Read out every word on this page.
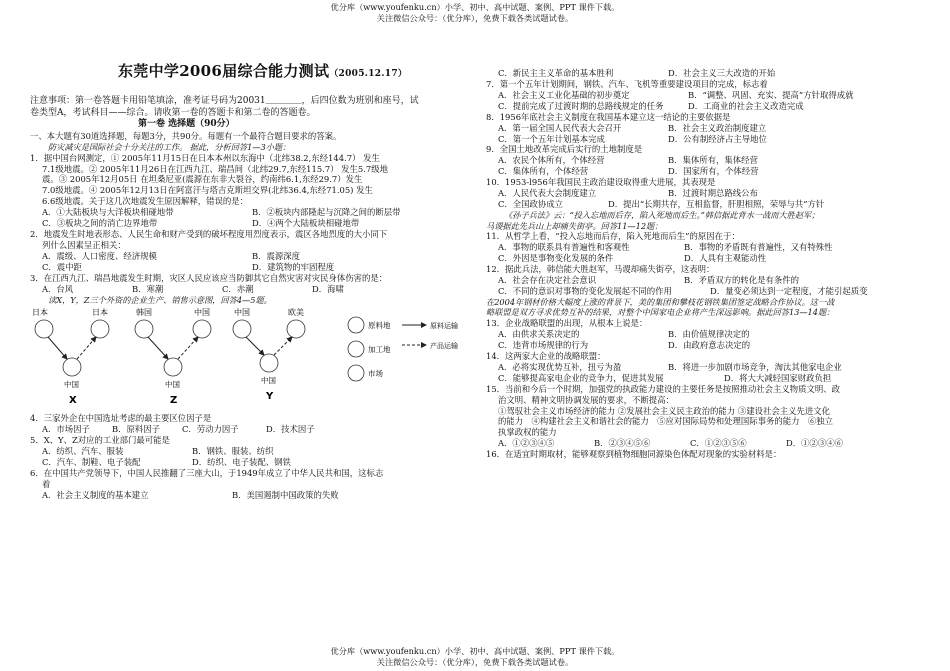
优分库（www.youfenku.cn）小学、初中、高中试题、案例、PPT 课件下载。
关注微信公众号：（优分库），免费下载各类试题试卷。
东莞中学2006届综合能力测试（2005.12.17）

注意事项：第一卷答题卡用铅笔填涂，准考证号码为20031＿＿＿＿，后四位数为班别和座号，试

卷类型A，考试科目——综合。请收第一卷的答题卡和第二卷的答题卷。

第一卷 选择题（90分）

一、本大题有30道选择题，每题3分，共90分。每题有一个最符合题目要求的答案。

防灾减灾是国际社会十分关注的工作。 据此，分析回答1—3小题：

1．据中国台网测定，① 2005年11月15日在日本本州以东海中（北纬38.2,东经144.7） 发生

7.1级地震。② 2005年11月26日在江西九江、瑞昌间（北纬29.7,东经115.7） 发生5.7级地

震。③ 2005年12月05日 在坦桑尼亚(震源在东非大裂谷，约南纬6.1,东经29.7）发生

7.0级地震。④ 2005年12月13日在阿富汗与塔吉克斯坦交界(北纬36.4,东经71.05) 发生

6.6级地震。关于这几次地震发生原因解释，错误的是：

A．①大陆板块与大洋板块相碰地带	B．②板块内部隆起与沉降之间的断层带
C．③板块之间的消亡边界地带	D．④两个大陆板块相碰地带

2．地震发生时地表形态、人民生命和财产受到的破坏程度用烈度表示，震区各地烈度的大小同下

列什么因素呈正相关：

A．震级、人口密度、经济规模	B．震源深度
C．震中距	D．建筑物的牢固程度

3．在江西九江、瑞昌地震发生时期，灾区人民应该应当防御其它自然灾害对灾民身体伤害的是：

A．台风	B．寒潮	C．赤潮	D．海啸

读X，Y，Z三个外资的企业生产、销售示意图，回答4—5题。

日本	日本
中国
X
韩国	中国
中国
Z
中国	欧美
中国
Y
原料地
加工地
市场
原料运输
产品运输

4．三家外企在中国选址考虑的最主要区位因子是

A．市场因子	B．原料因子	C．劳动力因子	D．技术因子

5．X、Y、Z对应的工业部门最可能是

A．纺织、汽车、服装	B．钢铁、服装、纺织
C．汽车、制鞋、电子装配	D．纺织、电子装配、钢铁

6．在中国共产党领导下，中国人民推翻了三座大山，于1949年成立了中华人民共和国，这标志

着

A．社会主义制度的基本建立	B．美国遏制中国政策的失败
C．新民主主义革命的基本胜利	D．社会主义三大改造的开始

7．第一个五年计划期间，钢铁、汽车、飞机等重要建设项目的完成，标志着

A．社会主义工业化基础的初步奠定	B．“调整、巩固、充实、提高”方针取得成就
C．提前完成了过渡时期的总路线规定的任务	D．工商业的社会主义改造完成

8．1956年底社会主义制度在我国基本建立这一结论的主要依据是

A．第一届全国人民代表大会召开	B．社会主义政治制度建立
C．第一个五年计划基本完成	D．公有制经济占主导地位

9．全国土地改革完成后实行的土地制度是

A．农民个体所有，个体经营	B．集体所有，集体经营
C．集体所有，个体经营	D．国家所有，个体经营

10．1953-l956年我国民主政治建设取得重大进展，其表现是

A．人民代表大会制度建立	B．过渡时期总路线公布
C．全国政协成立	D．提出“长期共存，互相监督，肝胆相照，荣辱与共”方针

《孙子兵法》云：“投入忘地而后存，陷入死地而后生。”韩信据此背水一战而大胜赵军；

马谡据此先兵山上却痛失街亭。回答11—12题：

11．从哲学上看，“投入忘地而后存，陷入死地而后生”的原因在于：

A．事物的联系具有普遍性和客观性	B．事物的矛盾既有普遍性，又有特殊性
C．外因是事物变化发展的条件	D．人具有主观能动性

12．据此兵法，韩信能大胜赵军，马谡却痛失街亭，这表明：

A．社会存在决定社会意识	B．矛盾双方的转化是有条件的
C．不同的意识对事物的变化发展起不同的作用	D．量变必须达到一定程度，才能引起质变

在2004年钢材价格大幅度上涨的背景下，美的集团和攀枝花钢铁集团签定战略合作协议。这一战

略联盟是双方寻求优势互补的结果，对整个中国家电企业将产生深远影响。据此回答13—14题：

13．企业战略联盟的出现，从根本上说是：

A．由供求关系决定的	B．由价值规律决定的
C．违背市场规律的行为	D．由政府意志决定的

14．这两家大企业的战略联盟：

A．必将实现优势互补，扭亏为盈	B．将进一步加剧市场竞争，淘汰其他家电企业
C．能够提高家电企业的竞争力，促进其发展	D．将大大减轻国家财政负担

15．当前和今后一个时期，加强党的执政能力建设的主要任务是按照推动社会主义物质文明、政

治文明、精神文明协调发展的要求，不断提高：

①驾驭社会主义市场经济的能力 ②发展社会主义民主政治的能力 ③建设社会主义先进文化

的能力　④构建社会主义和谐社会的能力　⑤应对国际局势和处理国际事务的能力　⑥独立

执掌政权的能力

A．①②③④⑤	B．②③④⑤⑥	C．①②③⑤⑥	D．①②③④⑥

16．在适宜时期取材，能够观察到植物细胞同源染色体配对现象的实验材料是：

优分库（www.youfenku.cn）小学、初中、高中试题、案例、PPT 课件下载。
关注微信公众号：（优分库），免费下载各类试题试卷。
